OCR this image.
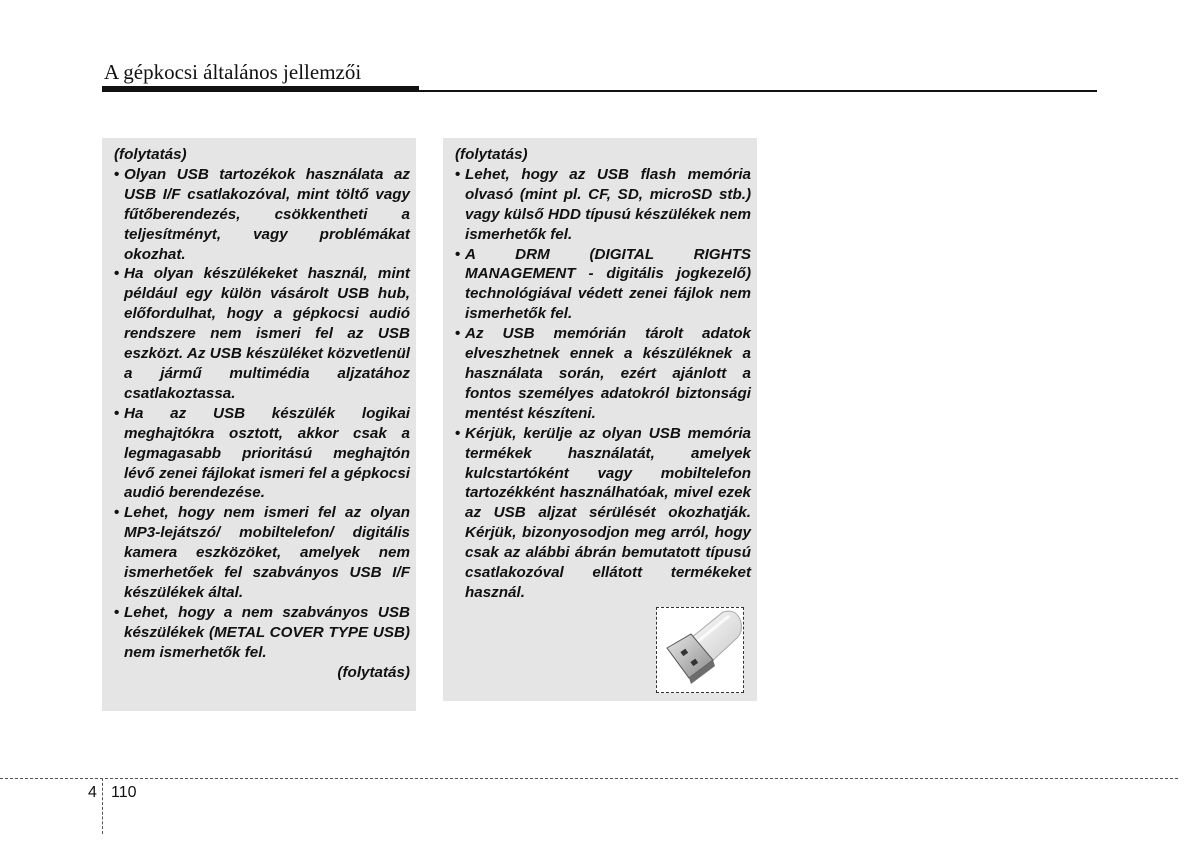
A gépkocsi általános jellemzői

(folytatás)

• Olyan USB tartozékok használata az USB I/F csatlakozóval, mint töltő vagy fűtőberendezés, csökkentheti a teljesítményt, vagy problémákat okozhat.
• Ha olyan készülékeket használ, mint például egy külön vásárolt USB hub, előfordulhat, hogy a gépkocsi audió rendszere nem ismeri fel az USB eszközt. Az USB készüléket közvetlenül a jármű multimédia aljzatához csatlakoztassa.
• Ha az USB készülék logikai meghajtókra osztott, akkor csak a legmagasabb prioritású meghajtón lévő zenei fájlokat ismeri fel a gépkocsi audió berendezése.
• Lehet, hogy nem ismeri fel az olyan MP3-lejátszó/ mobiltelefon/ digitális kamera eszközöket, amelyek nem ismerhetőek fel szabványos USB I/F készülékek által.
• Lehet, hogy a nem szabványos USB készülékek (METAL COVER TYPE USB) nem ismerhetők fel.

(folytatás)

(folytatás)

• Lehet, hogy az USB flash memória olvasó (mint pl. CF, SD, microSD stb.) vagy külső HDD típusú készülékek nem ismerhetők fel.
• A DRM (DIGITAL RIGHTS MANAGEMENT - digitális jogkezelő) technológiával védett zenei fájlok nem ismerhetők fel.
• Az USB memórián tárolt adatok elveszhetnek ennek a készüléknek a használata során, ezért ajánlott a fontos személyes adatokról biztonsági mentést készíteni.
• Kérjük, kerülje az olyan USB memória termékek használatát, amelyek kulcstartóként vagy mobiltelefon tartozékként használhatóak, mivel ezek az USB aljzat sérülését okozhatják. Kérjük, bizonyosodjon meg arról, hogy csak az alábbi ábrán bemutatott típusú csatlakozóval ellátott termékeket használ.
4 110
